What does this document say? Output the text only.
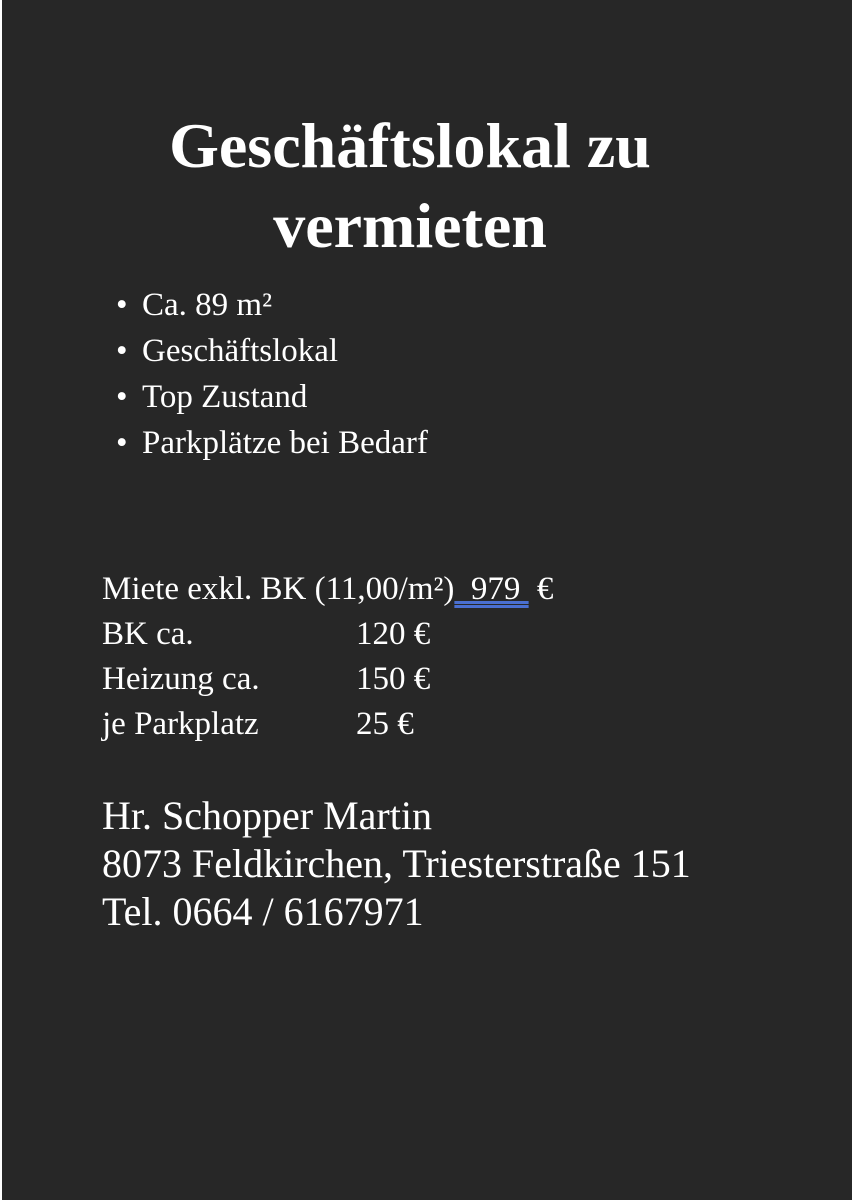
Geschäftslokal zu
vermieten
• Ca. 89 m²
• Geschäftslokal
• Top Zustand
• Parkplätze bei Bedarf
Miete exkl. BK (11,00/m²) 979 €
BK ca.	120 €
Heizung ca.	150 €
je Parkplatz	25 €
Hr. Schopper Martin
8073 Feldkirchen, Triesterstraße 151
Tel. 0664 / 6167971
